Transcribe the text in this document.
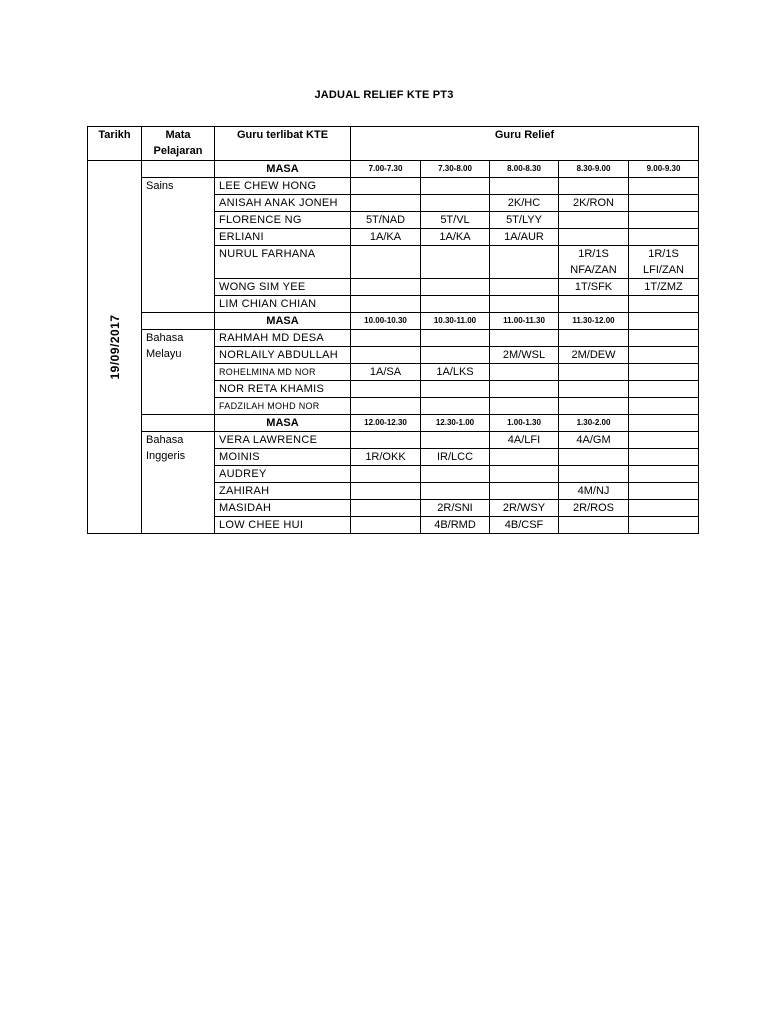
JADUAL RELIEF KTE PT3
Tarikh	Mata Pelajaran	Guru terlibat KTE	Guru Relief				

19/09/2017		MASA	7.00-7.30	7.30-8.00	8.00-8.30	8.30-9.00	9.00-9.30
	Sains	LEE CHEW HONG					
		ANISAH ANAK JONEH			2K/HC	2K/RON	
		FLORENCE NG	5T/NAD	5T/VL	5T/LYY		
		ERLIANI	1A/KA	1A/KA	1A/AUR		
		NURUL FARHANA				1R/1S NFA/ZAN	1R/1S LFI/ZAN
		WONG SIM YEE				1T/SFK	1T/ZMZ
		LIM CHIAN CHIAN					
		MASA	10.00-10.30	10.30-11.00	11.00-11.30	11.30-12.00	
	Bahasa Melayu	RAHMAH MD DESA					
		NORLAILY ABDULLAH			2M/WSL	2M/DEW	
		ROHELMINA MD NOR	1A/SA	1A/LKS			
		NOR RETA KHAMIS					
		FADZILAH MOHD NOR					
		MASA	12.00-12.30	12.30-1.00	1.00-1.30	1.30-2.00	
	Bahasa Inggeris	VERA LAWRENCE			4A/LFI	4A/GM	
		MOINIS	1R/OKK	IR/LCC			
		AUDREY					
		ZAHIRAH				4M/NJ	
		MASIDAH		2R/SNI	2R/WSY	2R/ROS	
		LOW CHEE HUI		4B/RMD	4B/CSF		
